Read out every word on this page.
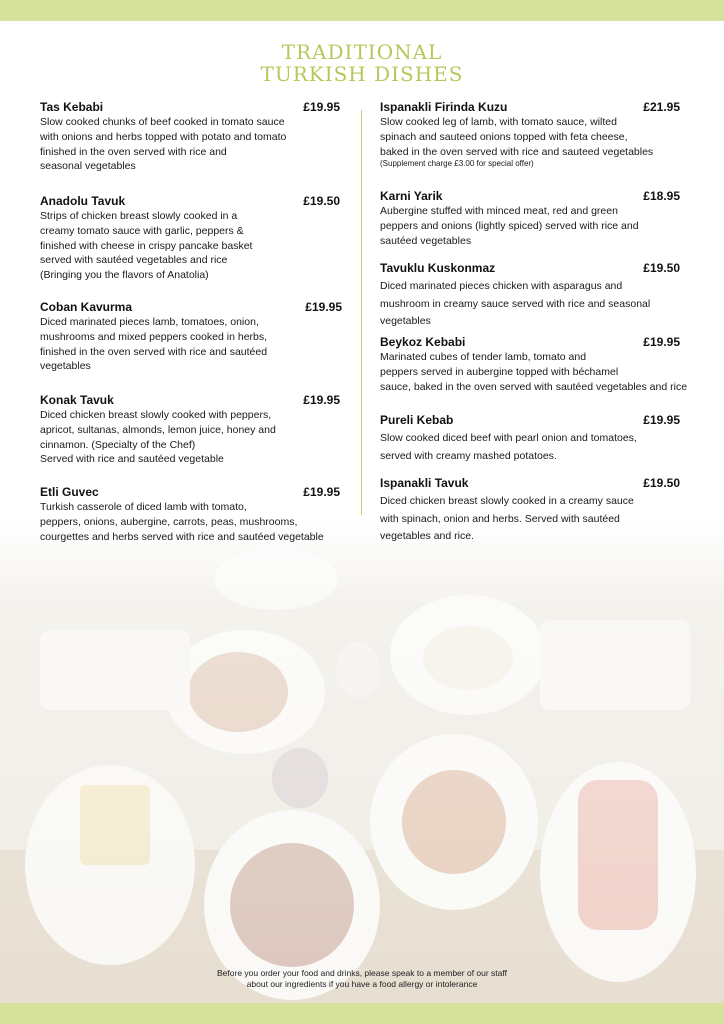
TRADITIONAL
TURKISH DISHES
Tas Kebabi	£19.95
Slow cooked chunks of beef cooked in tomato sauce
with onions and herbs topped with potato and tomato
finished in the oven served with rice and
seasonal vegetables
Anadolu Tavuk	£19.50
Strips of chicken breast slowly cooked in a
creamy tomato sauce with garlic, peppers &
finished with cheese in crispy pancake basket
served with sautéed vegetables and rice
(Bringing you the flavors of Anatolia)
Coban Kavurma	£19.95
Diced marinated pieces lamb, tomatoes, onion,
mushrooms and mixed peppers cooked in herbs,
finished in the oven served with rice and sautéed
vegetables
Konak Tavuk	£19.95
Diced chicken breast slowly cooked with peppers,
apricot, sultanas, almonds, lemon juice, honey and
cinnamon. (Specialty of the Chef)
Served with rice and sautéed vegetable
Etli Guvec	£19.95
Turkish casserole of diced lamb with tomato,
peppers, onions, aubergine, carrots, peas, mushrooms,
courgettes and herbs served with rice and sautéed vegetable
Ispanakli Firinda Kuzu	£21.95
Slow cooked leg of lamb, with tomato sauce, wilted
spinach and sauteed onions topped with feta cheese,
baked in the oven served with rice and sauteed vegetables
(Supplement charge £3.00 for special offer)
Karni Yarik	£18.95
Aubergine stuffed with minced meat, red and green
peppers and onions (lightly spiced) served with rice and
sautéed vegetables
Tavuklu Kuskonmaz	£19.50
Diced marinated pieces chicken with asparagus and
mushroom in creamy sauce served with rice and seasonal
vegetables
Beykoz Kebabi	£19.95
Marinated cubes of tender lamb, tomato and
peppers served in aubergine topped with béchamel
sauce, baked in the oven served with sautéed vegetables and rice
Pureli Kebab	£19.95
Slow cooked diced beef with pearl onion and tomatoes,
served with creamy mashed potatoes.
Ispanakli Tavuk	£19.50
Diced chicken breast slowly cooked in a creamy sauce
with spinach, onion and herbs. Served with sautéed
vegetables and rice.
Before you order your food and drinks, please speak to a member of our staff
about our ingredients if you have a food allergy or intolerance
